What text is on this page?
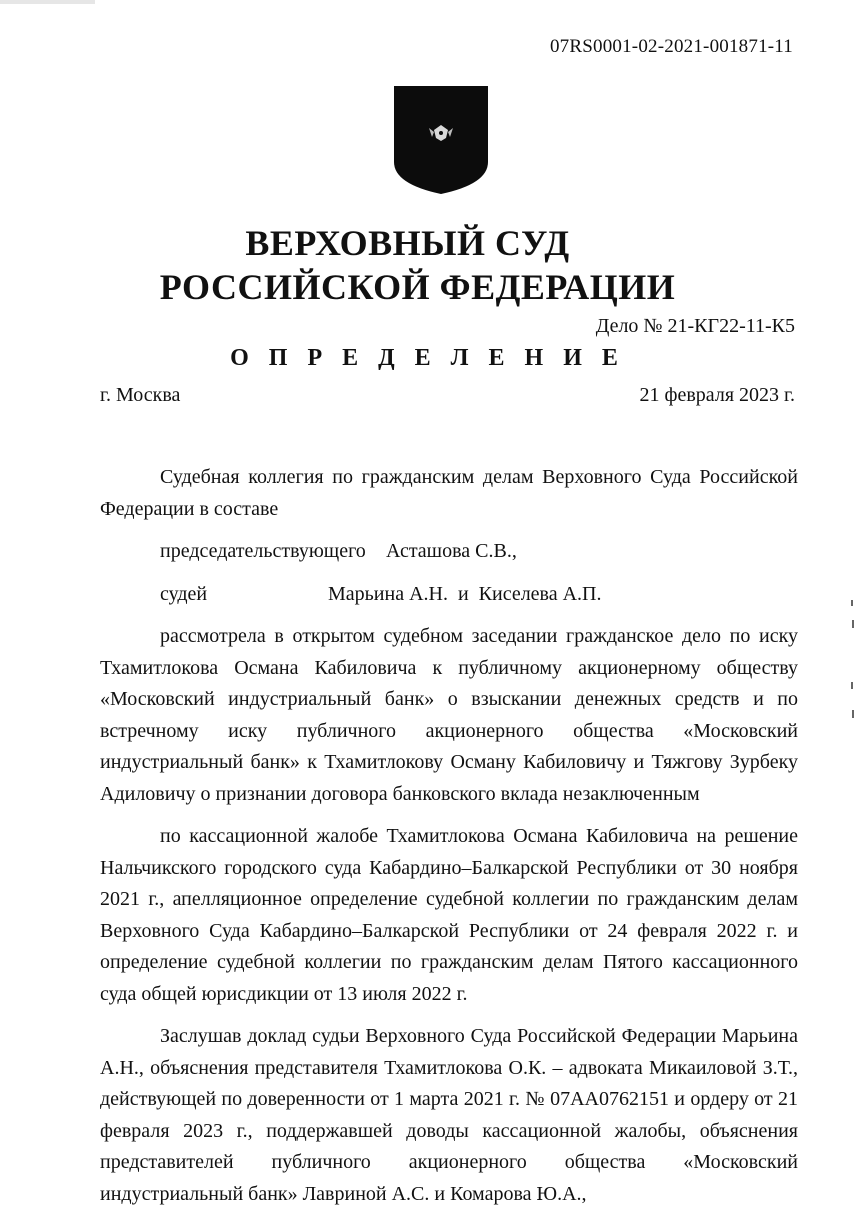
07RS0001-02-2021-001871-11
ВЕРХОВНЫЙ СУД
РОССИЙСКОЙ ФЕДЕРАЦИИ
Дело № 21-КГ22-11-К5
О П Р Е Д Е Л Е Н И Е
г. Москва	21 февраля 2023 г.

Судебная коллегия по гражданским делам Верховного Суда Российской Федерации в составе

председательствующего	Асташова С.В.,
судей	Марьина А.Н.  и  Киселева А.П.

рассмотрела в открытом судебном заседании гражданское дело по иску Тхамитлокова Османа Кабиловича к публичному акционерному обществу «Московский индустриальный банк» о взыскании денежных средств и по встречному иску публичного акционерного общества «Московский индустриальный банк» к Тхамитлокову Осману Кабиловичу и Тяжгову Зурбеку Адиловичу о признании договора банковского вклада незаключенным

по кассационной жалобе Тхамитлокова Османа Кабиловича на решение Нальчикского городского суда Кабардино–Балкарской Республики от 30 ноября 2021 г., апелляционное определение судебной коллегии по гражданским делам Верховного Суда Кабардино–Балкарской Республики от 24 февраля 2022 г. и определение судебной коллегии по гражданским делам Пятого кассационного суда общей юрисдикции от 13 июля 2022 г.

Заслушав доклад судьи Верховного Суда Российской Федерации Марьина А.Н., объяснения представителя Тхамитлокова О.К. – адвоката Микаиловой З.Т., действующей по доверенности от 1 марта 2021 г. № 07АА0762151 и ордеру от 21 февраля 2023 г., поддержавшей доводы кассационной жалобы, объяснения представителей публичного акционерного общества «Московский индустриальный банк» Лавриной А.С. и Комарова Ю.А.,
